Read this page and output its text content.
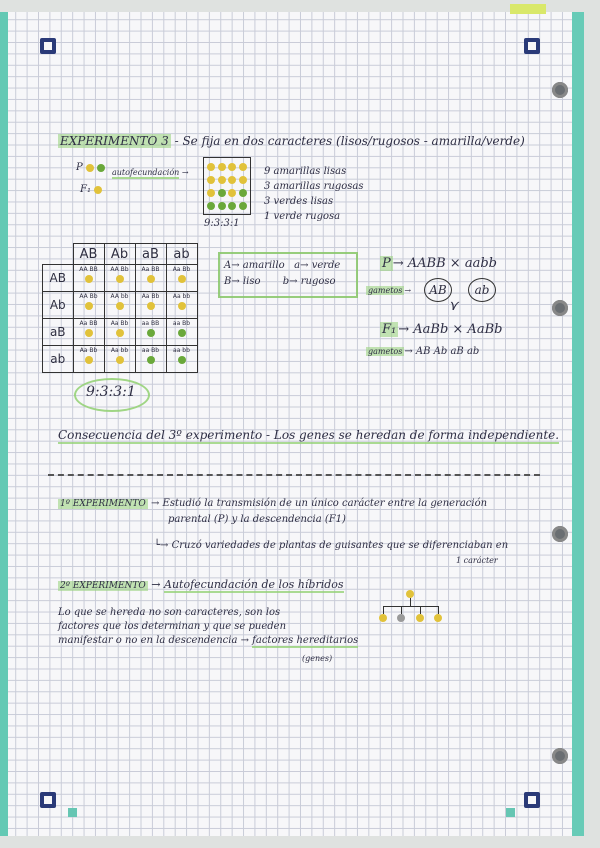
EXPERIMENTO 3 - Se fija en dos caracteres (lisos/rugosos - amarilla/verde)
P
F₁
autofecundación →
9:3:3:1
9 amarillas lisas
3 amarillas rugosas
3 verdes lisas
1 verde rugosa
	AB	Ab	aB	ab
AB	AA BB	AA Bb	Aa BB	Aa Bb

Ab	AA Bb	AA bb	Aa Bb	Aa bb

aB	Aa BB	Aa Bb	aa BB	aa Bb

ab	Aa Bb	Aa bb	aa Bb	aa bb
9:3:3:1
A→ amarillo a→ verde
B→ liso b→ rugoso
P → AABB × aabb
gametos →	AB	ab
⋎
F₁ → AaBb × AaBb
gametos → AB Ab aB ab
Consecuencia del 3º experimento - Los genes se heredan de forma independiente.
1º EXPERIMENTO → Estudió la transmisión de un único carácter entre la generación
parental (P) y la descendencia (F1)
└→ Cruzó variedades de plantas de guisantes que se diferenciaban en
1 carácter
2º EXPERIMENTO → Autofecundación de los híbridos
Lo que se hereda no son caracteres, son los
factores que los determinan y que se pueden
manifestar o no en la descendencia → factores hereditarios
(genes)
